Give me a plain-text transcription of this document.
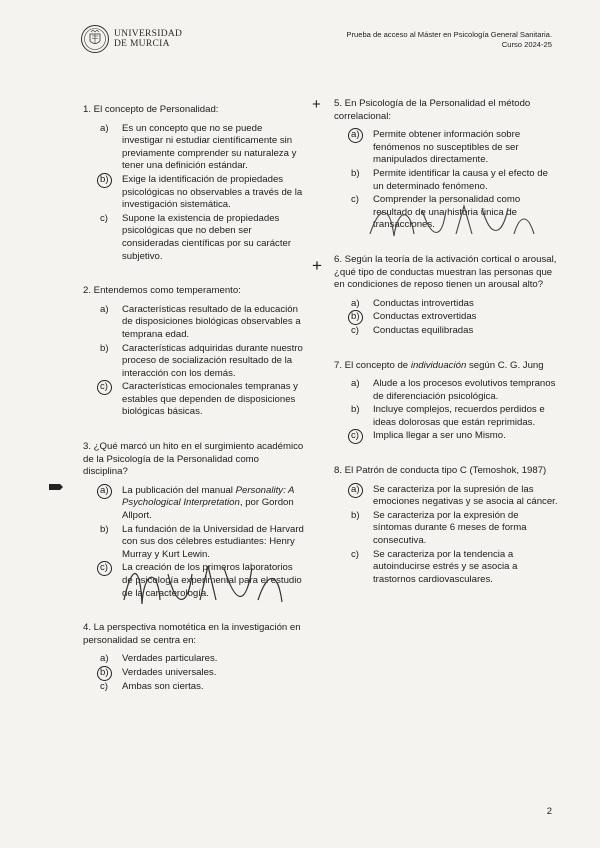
UNIVERSIDAD
DE MURCIA
Prueba de acceso al Máster en Psicología General Sanitaria.
Curso 2024-25

1. El concepto de Personalidad:

a)	Es un concepto que no se puede investigar ni estudiar científicamente sin previamente comprender su naturaleza y tener una definición estándar.
b)	Exige la identificación de propiedades psicológicas no observables a través de la investigación sistemática.
c)	Supone la existencia de propiedades psicológicas que no deben ser consideradas científicas por su carácter subjetivo.

2. Entendemos como temperamento:

a)	Características resultado de la educación de disposiciones biológicas observables a temprana edad.
b)	Características adquiridas durante nuestro proceso de socialización resultado de la interacción con los demás.
c)	Características emocionales tempranas y estables que dependen de disposiciones biológicas básicas.

3. ¿Qué marcó un hito en el surgimiento académico de la Psicología de la Personalidad como disciplina?

a)	La publicación del manual Personality: A Psychological Interpretation, por Gordon Allport.
b)	La fundación de la Universidad de Harvard con sus dos célebres estudiantes: Henry Murray y Kurt Lewin.
c)	La creación de los primeros laboratorios de psicología experimental para el estudio de la caracterología.

4. La perspectiva nomotética en la investigación en personalidad se centra en:

a)	Verdades particulares.
b)	Verdades universales.
c)	Ambas son ciertas.

5. En Psicología de la Personalidad el método correlacional:

a)	Permite obtener información sobre fenómenos no susceptibles de ser manipulados directamente.
b)	Permite identificar la causa y el efecto de un determinado fenómeno.
c)	Comprender la personalidad como resultado de una historia única de transacciones.

6. Según la teoría de la activación cortical o arousal, ¿qué tipo de conductas muestran las personas que en condiciones de reposo tienen un arousal alto?

a)	Conductas introvertidas
b)	Conductas extrovertidas
c)	Conductas equilibradas

7. El concepto de individuación según C. G. Jung

a)	Alude a los procesos evolutivos tempranos de diferenciación psicológica.
b)	Incluye complejos, recuerdos perdidos e ideas dolorosas que están reprimidas.
c)	Implica llegar a ser uno Mismo.

8. El Patrón de conducta tipo C (Temoshok, 1987)

a)	Se caracteriza por la supresión de las emociones negativas y se asocia al cáncer.
b)	Se caracteriza por la expresión de síntomas durante 6 meses de forma consecutiva.
c)	Se caracteriza por la tendencia a autoinducirse estrés y se asocia a trastornos cardiovasculares.
+
+
2
